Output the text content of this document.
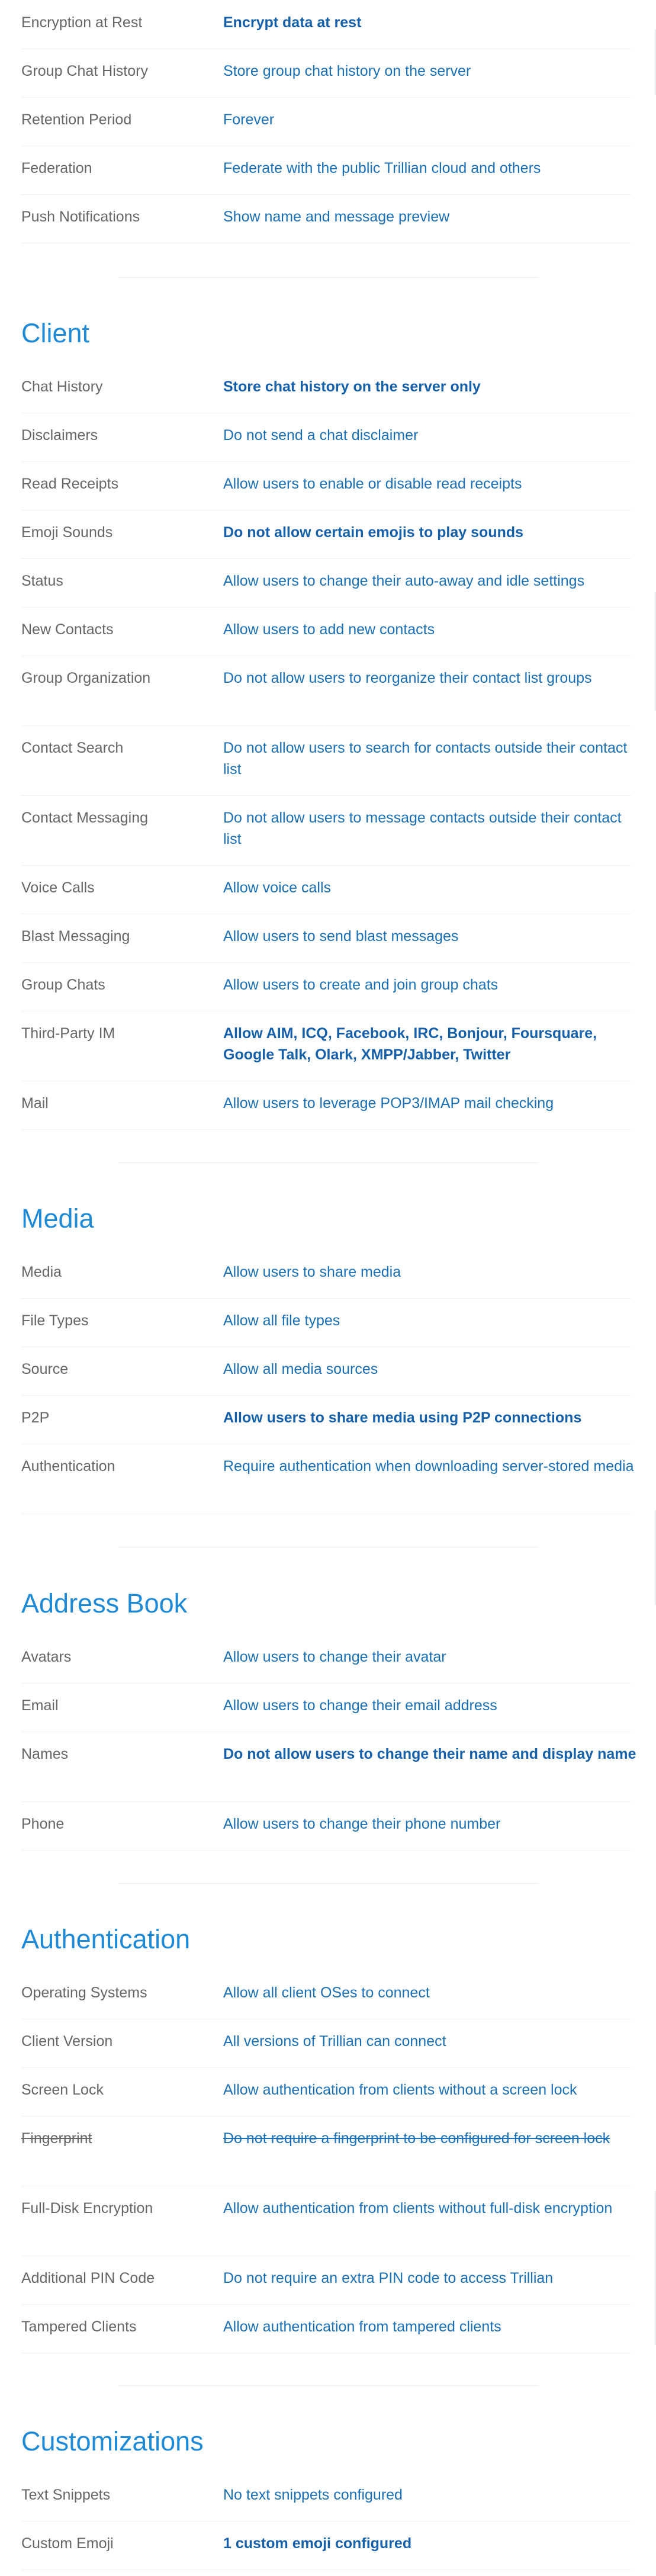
Encryption at Rest	Encrypt data at rest
Group Chat History	Store group chat history on the server
Retention Period	Forever
Federation	Federate with the public Trillian cloud and others
Push Notifications	Show name and message preview
Client
Chat History	Store chat history on the server only
Disclaimers	Do not send a chat disclaimer
Read Receipts	Allow users to enable or disable read receipts
Emoji Sounds	Do not allow certain emojis to play sounds
Status	Allow users to change their auto-away and idle settings
New Contacts	Allow users to add new contacts
Group Organization	Do not allow users to reorganize their contact list groups
Contact Search	Do not allow users to search for contacts outside their contact list
Contact Messaging	Do not allow users to message contacts outside their contact list
Voice Calls	Allow voice calls
Blast Messaging	Allow users to send blast messages
Group Chats	Allow users to create and join group chats
Third-Party IM	Allow AIM, ICQ, Facebook, IRC, Bonjour, Foursquare, Google Talk, Olark, XMPP/Jabber, Twitter
Mail	Allow users to leverage POP3/IMAP mail checking
Media
Media	Allow users to share media
File Types	Allow all file types
Source	Allow all media sources
P2P	Allow users to share media using P2P connections
Authentication	Require authentication when downloading server-stored media
Address Book
Avatars	Allow users to change their avatar
Email	Allow users to change their email address
Names	Do not allow users to change their name and display name
Phone	Allow users to change their phone number
Authentication
Operating Systems	Allow all client OSes to connect
Client Version	All versions of Trillian can connect
Screen Lock	Allow authentication from clients without a screen lock
Fingerprint	Do not require a fingerprint to be configured for screen lock
Full-Disk Encryption	Allow authentication from clients without full-disk encryption
Additional PIN Code	Do not require an extra PIN code to access Trillian
Tampered Clients	Allow authentication from tampered clients
Customizations
Text Snippets	No text snippets configured
Custom Emoji	1 custom emoji configured
